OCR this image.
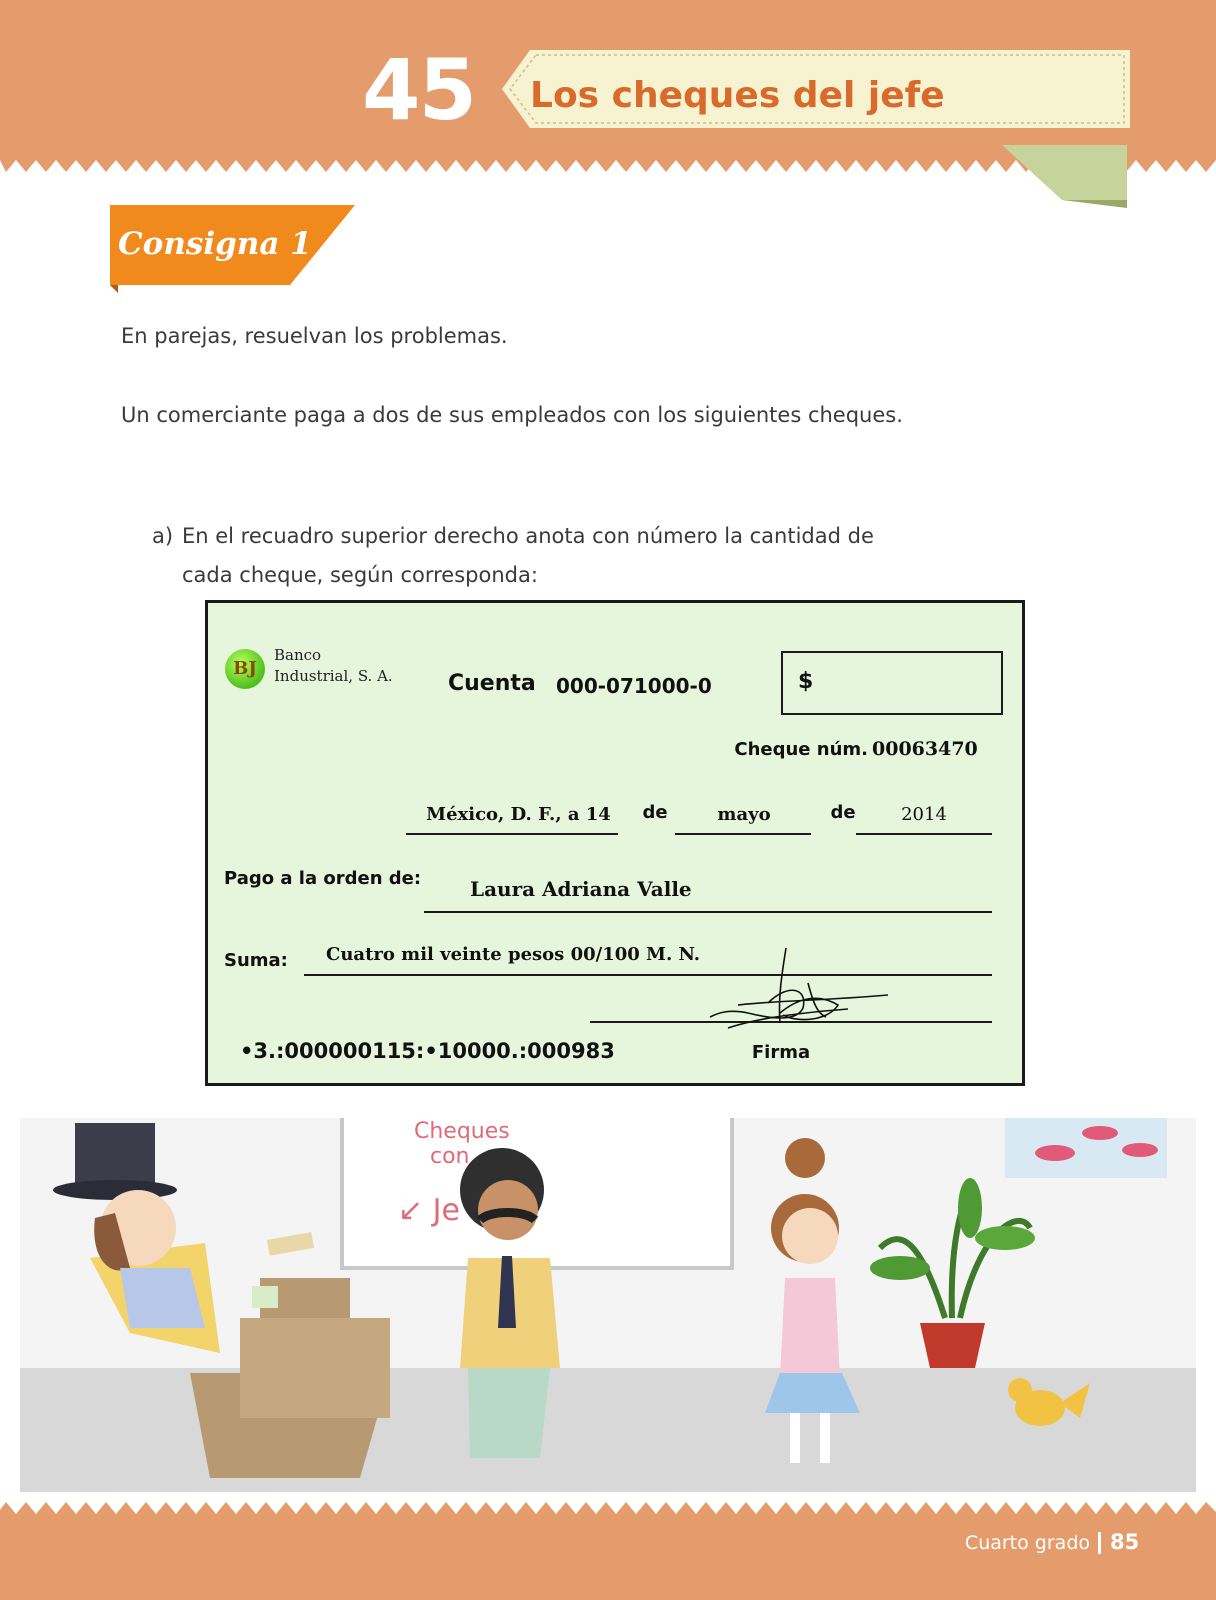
45 Los cheques del jefe
Consigna 1
En parejas, resuelvan los problemas.
Un comerciante paga a dos de sus empleados con los siguientes cheques.
a) En el recuadro superior derecho anota con número la cantidad de cada cheque, según corresponda:
BJ
Banco
Industrial, S. A.	Cuenta	000-071000-0	$
Cheque núm. 00063470
México, D. F., a 14	de	mayo	de	2014
Pago a la orden de:	Laura Adriana Valle
Suma:	Cuatro mil veinte pesos 00/100 M. N.
•3.:000000115:•10000.:000983	Firma
Cheques
con
↙ Je
Cuarto grado 85
